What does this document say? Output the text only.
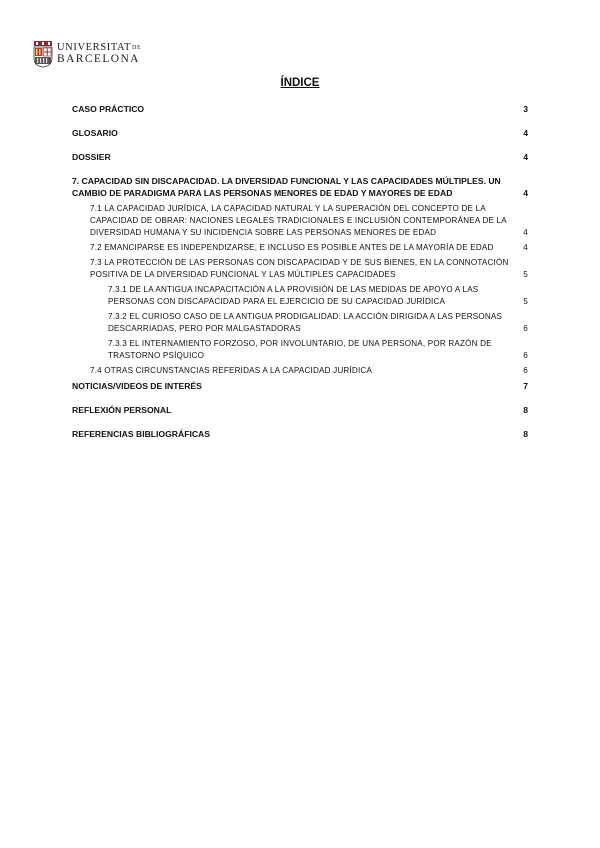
UNIVERSITATDE
BARCELONA
ÍNDICE
CASO PRÁCTICO	3
GLOSARIO	4
DOSSIER	4
7. CAPACIDAD SIN DISCAPACIDAD. LA DIVERSIDAD FUNCIONAL Y LAS CAPACIDADES MÚLTIPLES. UN CAMBIO DE PARADIGMA PARA LAS PERSONAS MENORES DE EDAD Y MAYORES DE EDAD	4
7.1 LA CAPACIDAD JURÍDICA, LA CAPACIDAD NATURAL Y LA SUPERACIÓN DEL CONCEPTO DE LA CAPACIDAD DE OBRAR: NACIONES LEGALES TRADICIONALES E INCLUSIÓN CONTEMPORÁNEA DE LA DIVERSIDAD HUMANA Y SU INCIDENCIA SOBRE LAS PERSONAS MENORES DE EDAD	4
7.2 EMANCIPARSE ES INDEPENDIZARSE, E INCLUSO ES POSIBLE ANTES DE LA MAYORÍA DE EDAD	4
7.3 LA PROTECCIÓN DE LAS PERSONAS CON DISCAPACIDAD Y DE SUS BIENES, EN LA CONNOTACIÓN POSITIVA DE LA DIVERSIDAD FUNCIONAL Y LAS MÚLTIPLES CAPACIDADES	5
7.3.1 DE LA ANTIGUA INCAPACITACIÓN A LA PROVISIÓN DE LAS MEDIDAS DE APOYO A LAS PERSONAS CON DISCAPACIDAD PARA EL EJERCICIO DE SU CAPACIDAD JURÍDICA	5
7.3.2 EL CURIOSO CASO DE LA ANTIGUA PRODIGALIDAD: LA ACCIÓN DIRIGIDA A LAS PERSONAS DESCARRIADAS, PERO POR MALGASTADORAS	6
7.3.3 EL INTERNAMIENTO FORZOSO, POR INVOLUNTARIO, DE UNA PERSONA, POR RAZÓN DE TRASTORNO PSÍQUICO	6
7.4 OTRAS CIRCUNSTANCIAS REFERIDAS A LA CAPACIDAD JURÍDICA	6
NOTICIAS/VIDEOS DE INTERÉS	7
REFLEXIÓN PERSONAL	8
REFERENCIAS BIBLIOGRÁFICAS	8
